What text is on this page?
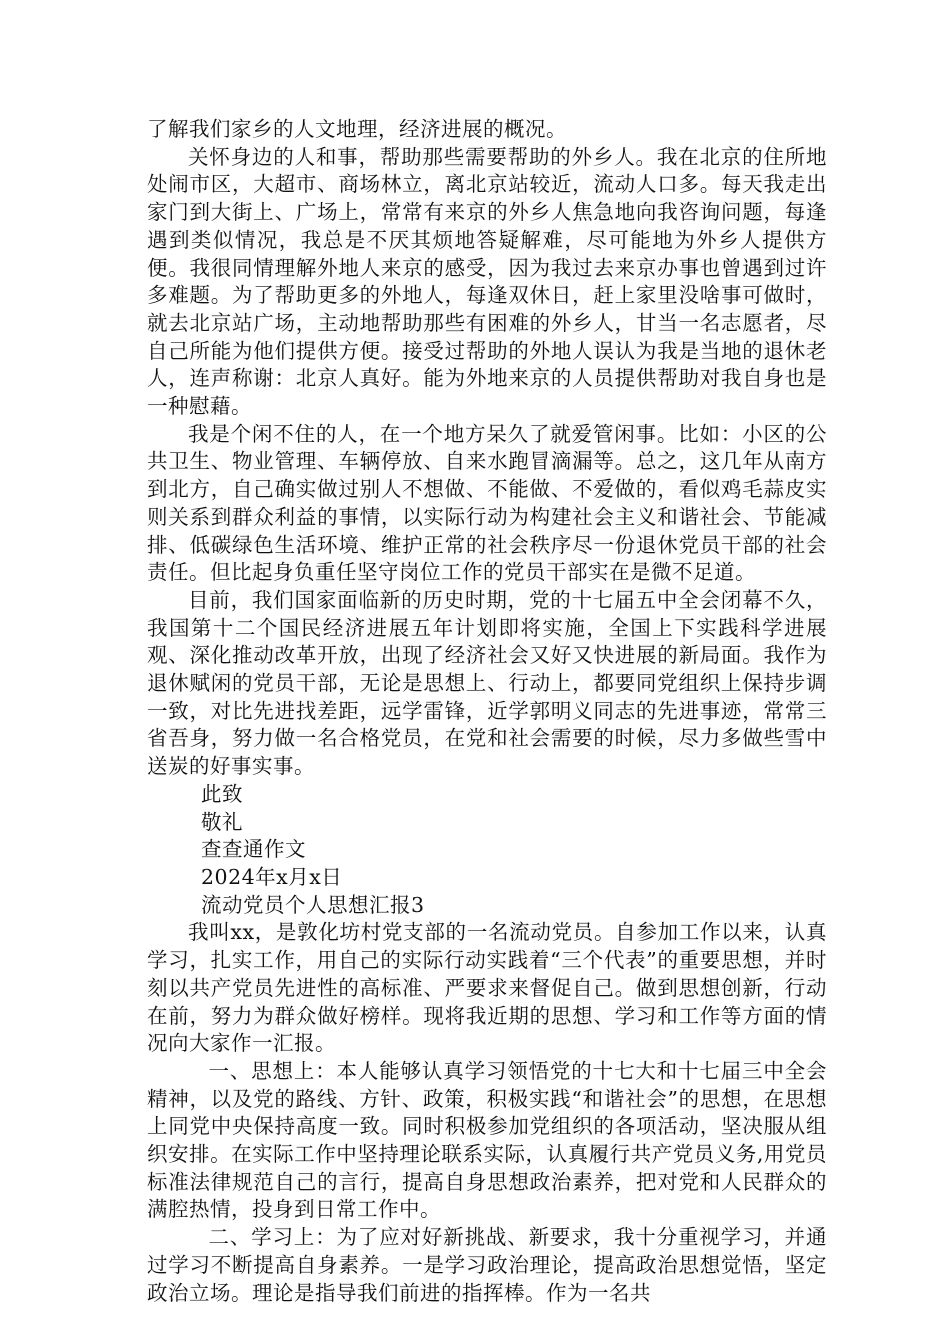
了解我们家乡的人文地理，经济进展的概况。

关怀身边的人和事，帮助那些需要帮助的外乡人。我在北京的住所地处闹市区，大超市、商场林立，离北京站较近，流动人口多。每天我走出家门到大街上、广场上，常常有来京的外乡人焦急地向我咨询问题，每逢遇到类似情况，我总是不厌其烦地答疑解难，尽可能地为外乡人提供方便。我很同情理解外地人来京的感受，因为我过去来京办事也曾遇到过许多难题。为了帮助更多的外地人，每逢双休日，赶上家里没啥事可做时，就去北京站广场，主动地帮助那些有困难的外乡人，甘当一名志愿者，尽自己所能为他们提供方便。接受过帮助的外地人误认为我是当地的退休老人，连声称谢：北京人真好。能为外地来京的人员提供帮助对我自身也是一种慰藉。

我是个闲不住的人，在一个地方呆久了就爱管闲事。比如：小区的公共卫生、物业管理、车辆停放、自来水跑冒滴漏等。总之，这几年从南方到北方，自己确实做过别人不想做、不能做、不爱做的，看似鸡毛蒜皮实则关系到群众利益的事情，以实际行动为构建社会主义和谐社会、节能减排、低碳绿色生活环境、维护正常的社会秩序尽一份退休党员干部的社会责任。但比起身负重任坚守岗位工作的党员干部实在是微不足道。

目前，我们国家面临新的历史时期，党的十七届五中全会闭幕不久，我国第十二个国民经济进展五年计划即将实施，全国上下实践科学进展观、深化推动改革开放，出现了经济社会又好又快进展的新局面。我作为退休赋闲的党员干部，无论是思想上、行动上，都要同党组织上保持步调一致，对比先进找差距，远学雷锋，近学郭明义同志的先进事迹，常常三省吾身，努力做一名合格党员，在党和社会需要的时候，尽力多做些雪中送炭的好事实事。

此致

敬礼

查查通作文

2024年x月x日

流动党员个人思想汇报3

我叫xx，是敦化坊村党支部的一名流动党员。自参加工作以来，认真学习，扎实工作，用自己的实际行动实践着“三个代表”的重要思想，并时刻以共产党员先进性的高标准、严要求来督促自己。做到思想创新，行动在前，努力为群众做好榜样。现将我近期的思想、学习和工作等方面的情况向大家作一汇报。

一、思想上：本人能够认真学习领悟党的十七大和十七届三中全会精神，以及党的路线、方针、政策，积极实践“和谐社会”的思想，在思想上同党中央保持高度一致。同时积极参加党组织的各项活动，坚决服从组织安排。在实际工作中坚持理论联系实际，认真履行共产党员义务,用党员标准法律规范自己的言行，提高自身思想政治素养，把对党和人民群众的满腔热情，投身到日常工作中。

二、学习上：为了应对好新挑战、新要求，我十分重视学习，并通过学习不断提高自身素养。一是学习政治理论，提高政治思想觉悟，坚定政治立场。理论是指导我们前进的指挥棒。作为一名共
